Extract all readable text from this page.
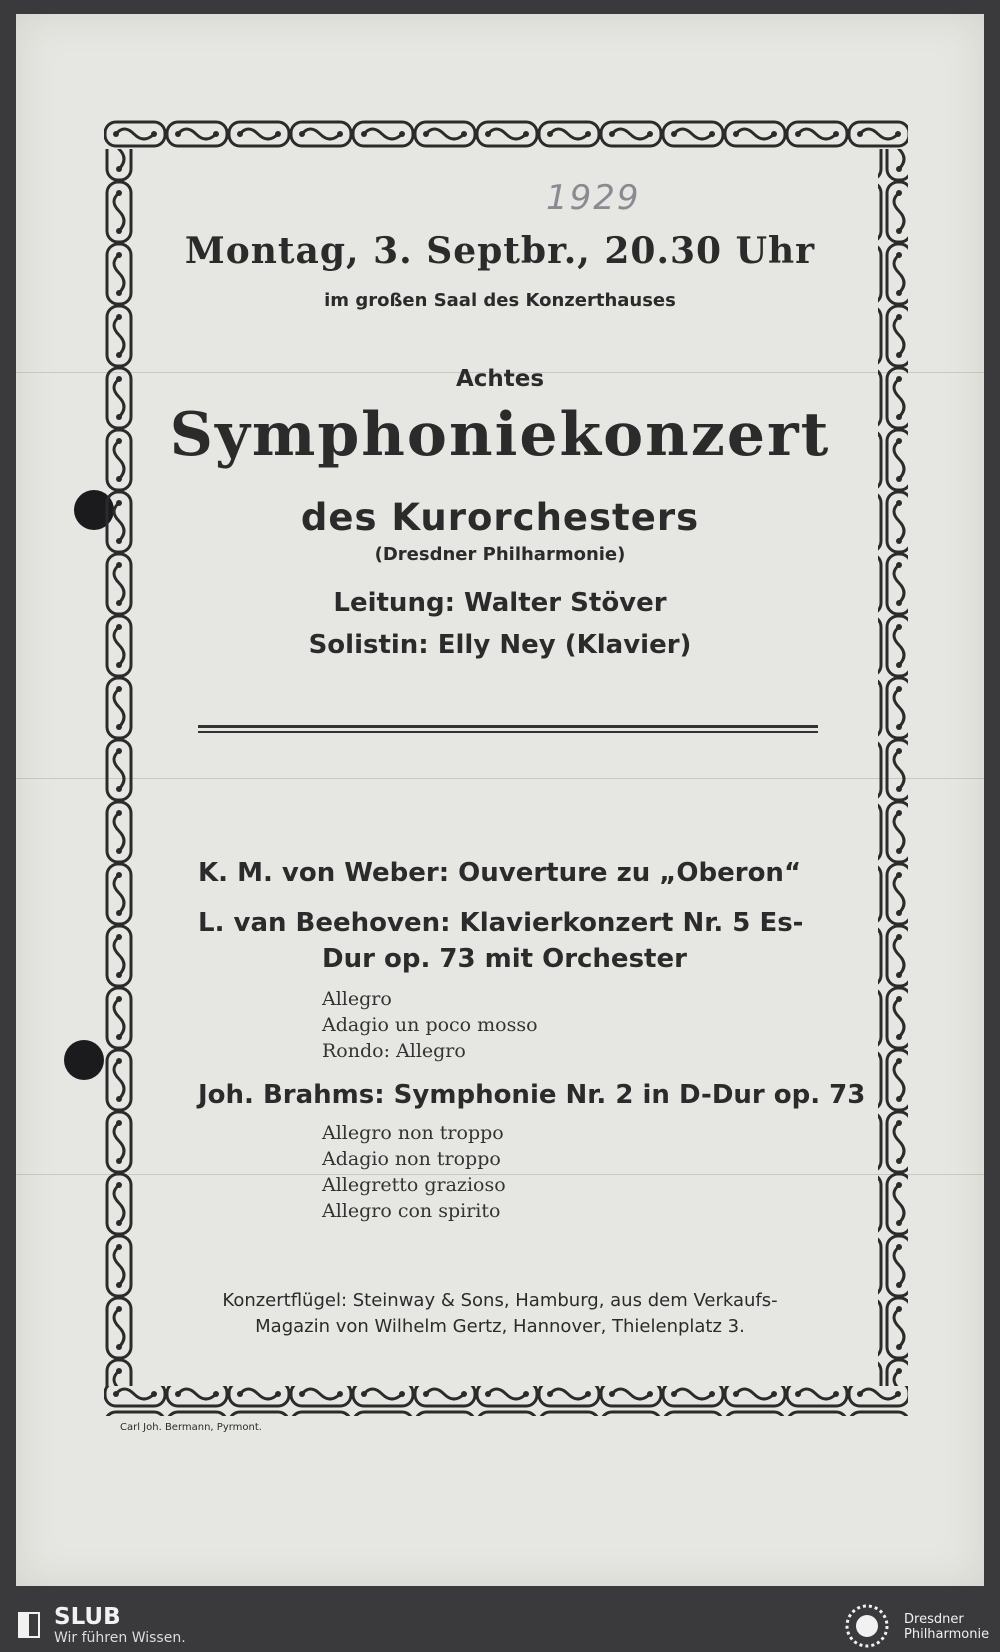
1929
Montag, 3. Septbr., 20.30 Uhr
im großen Saal des Konzerthauses
Achtes
Symphoniekonzert
des Kurorchesters
(Dresdner Philharmonie)
Leitung: Walter Stöver
Solistin: Elly Ney (Klavier)
K. M. von Weber: Ouverture zu „Oberon“
L. van Beehoven: Klavierkonzert Nr. 5 Es-
Dur op. 73 mit Orchester
Allegro
Adagio un poco mosso
Rondo: Allegro
Joh. Brahms: Symphonie Nr. 2 in D-Dur op. 73
Allegro non troppo
Adagio non troppo
Allegretto grazioso
Allegro con spirito
Konzertflügel: Steinway & Sons, Hamburg, aus dem Verkaufs-
Magazin von Wilhelm Gertz, Hannover, Thielenplatz 3.
Carl Joh. Bermann, Pyrmont.
SLUB
Wir führen Wissen.
Dresdner
Philharmonie
